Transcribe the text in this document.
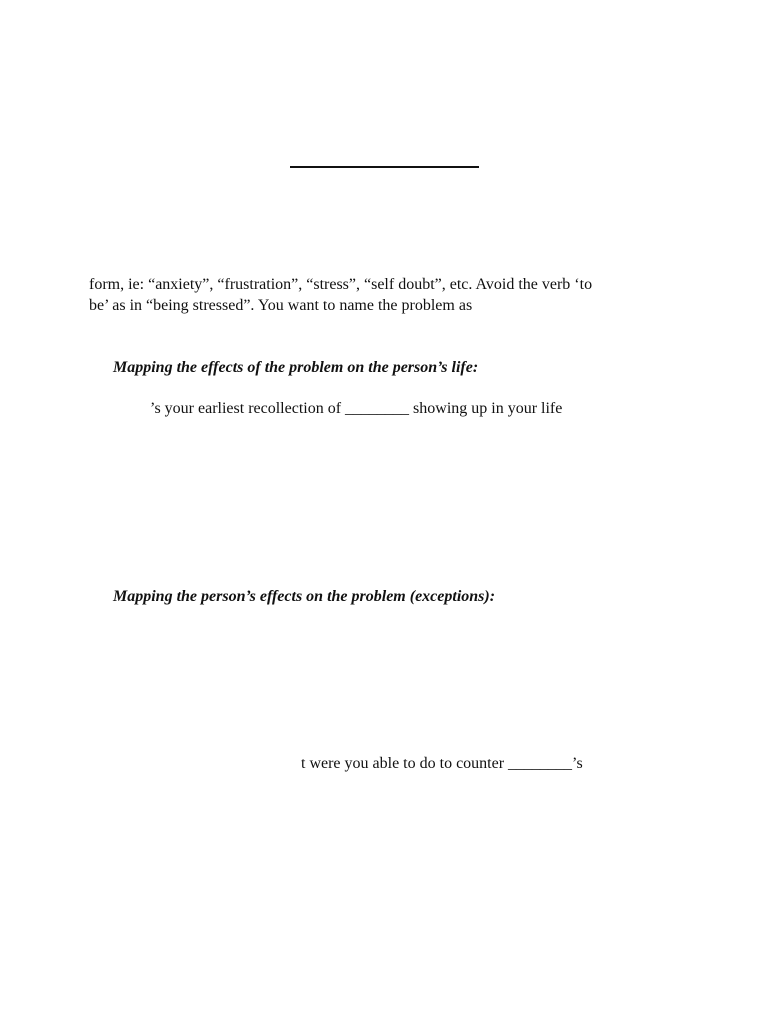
form, ie: “anxiety”, “frustration”, “stress”, “self doubt”, etc. Avoid the verb ‘to
be’ as in “being stressed”. You want to name the problem as

Mapping the effects of the problem on the person’s life:

’s your earliest recollection of ________ showing up in your life

Mapping the person’s effects on the problem (exceptions):

t were you able to do to counter ________’s
